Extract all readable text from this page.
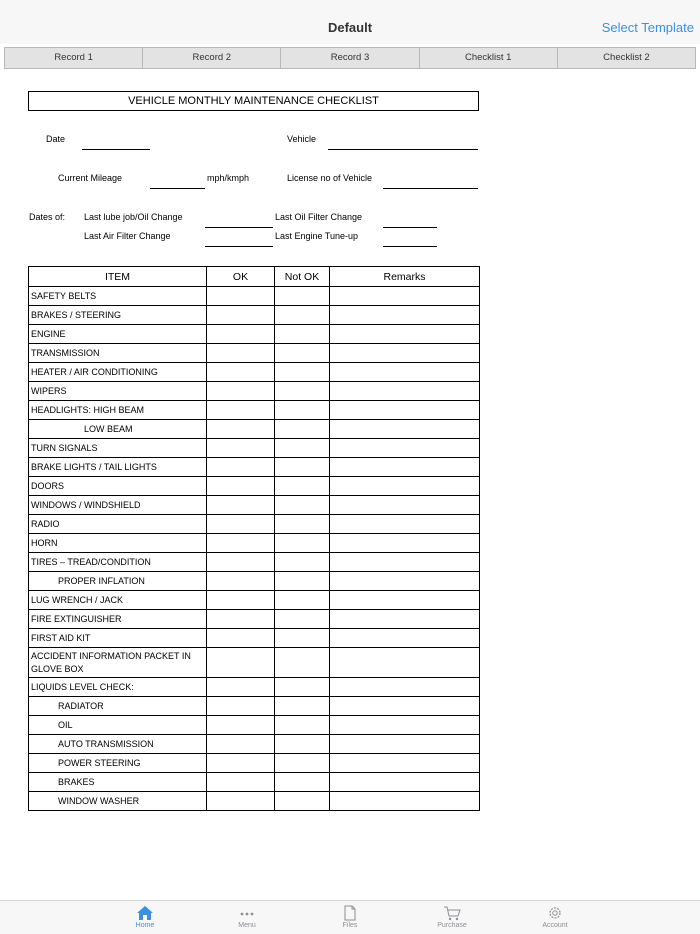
Default	Select Template
Record 1	Record 2	Record 3	Checklist 1	Checklist 2
VEHICLE MONTHLY MAINTENANCE CHECKLIST
Date	Vehicle
Current Mileage	mph/kmph	License no of Vehicle
Dates of: Last lube job/Oil Change	Last Oil Filter Change
Last Air Filter Change	Last Engine Tune-up
ITEM	OK	Not OK	Remarks
SAFETY BELTS			
BRAKES / STEERING			
ENGINE			
TRANSMISSION			
HEATER / AIR CONDITIONING			
WIPERS			
HEADLIGHTS: HIGH BEAM			
LOW BEAM			
TURN SIGNALS			
BRAKE LIGHTS / TAIL LIGHTS			
DOORS			
WINDOWS / WINDSHIELD			
RADIO			
HORN			
TIRES – TREAD/CONDITION			
PROPER INFLATION			
LUG WRENCH / JACK			
FIRE EXTINGUISHER			
FIRST AID KIT			
ACCIDENT INFORMATION PACKET IN GLOVE BOX			
LIQUIDS LEVEL CHECK:			
RADIATOR			
OIL			
AUTO TRANSMISSION			
POWER STEERING			
BRAKES			
WINDOW WASHER			
Home	Menu	Files	Purchase	Account
